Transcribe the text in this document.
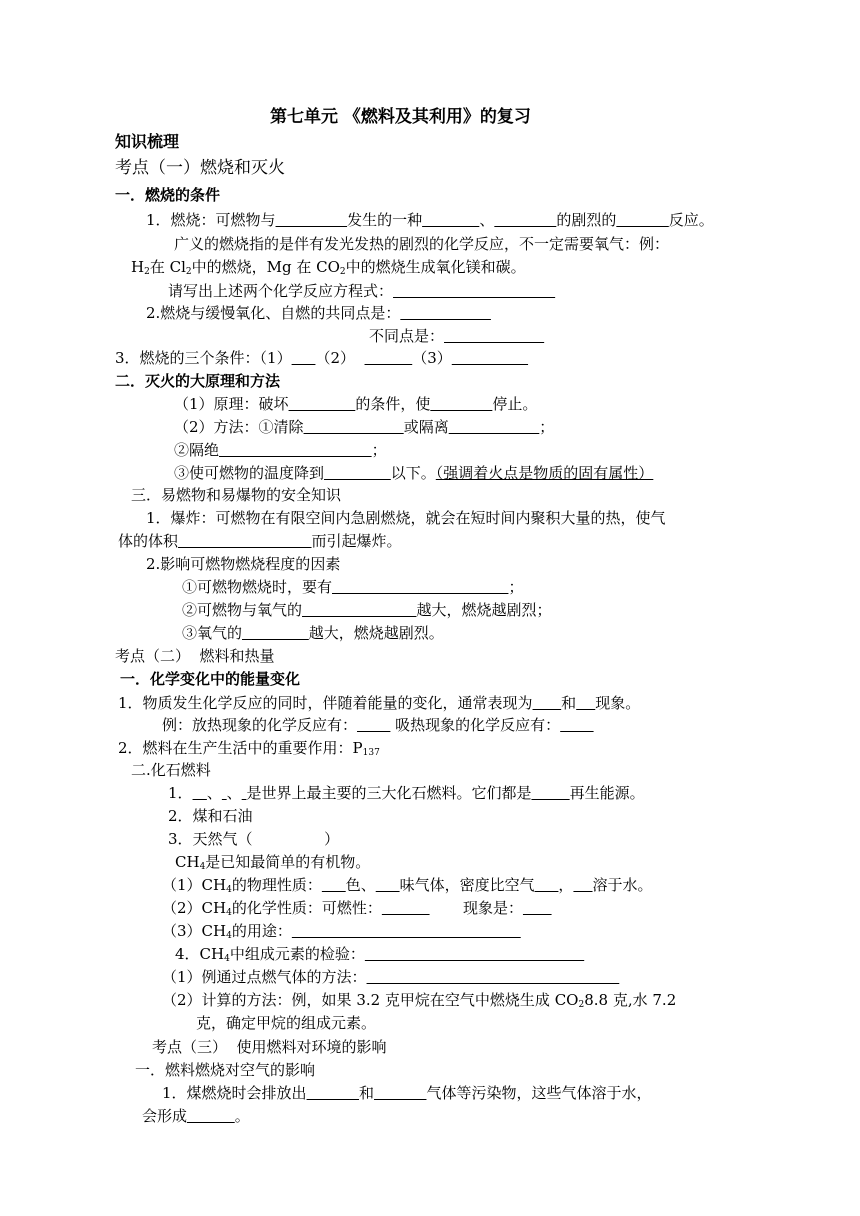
第七单元 《燃料及其利用》的复习
知识梳理
考点（一）燃烧和灭火
一．燃烧的条件
1．燃烧：可燃物与	发生的一种	、	的剧烈的	反应。
广义的燃烧指的是伴有发光发热的剧烈的化学反应，不一定需要氧气：例：
$H_2$在 $Cl_2$中的燃烧，Mg 在 $CO_2$中的燃烧生成氧化镁和碳。
请写出上述两个化学反应方程式：
2.燃烧与缓慢氧化、自燃的共同点是：
不同点是：
3．燃烧的三个条件：（1） （2）	（3）
二．灭火的大原理和方法
（1）原理：破坏	的条件，使	停止。
（2）方法：①清除	或隔离	；
②隔绝	；
③使可燃物的温度降到	以下。（强调着火点是物质的固有属性）
三．易燃物和易爆物的安全知识
1．爆炸：可燃物在有限空间内急剧燃烧，就会在短时间内聚积大量的热，使气
体的体积	而引起爆炸。
2.影响可燃物燃烧程度的因素
①可燃物燃烧时，要有	；
②可燃物与氧气的	越大，燃烧越剧烈；
③氧气的	越大，燃烧越剧烈。
考点（二）  燃料和热量
一．化学变化中的能量变化
1．物质发生化学反应的同时，伴随着能量的变化，通常表现为 和 现象。
例：放热现象的化学反应有：        吸热现象的化学反应有：
2．燃料在生产生活中的重要作用：$P_{137}$
二.化石燃料
1． 、 、 是世界上最主要的三大化石燃料。它们都是	再生能源。
2．煤和石油
3．天然气（	）
$CH_4$是已知最简单的有机物。
$(1)CH_4$的物理性质： 色、 味气体，密度比空气 ， 溶于水。
$(2)CH_4$的化学性质：可燃性：	现象是：
$(3)CH_4$的用途：
4．$CH_4$中组成元素的检验：
（1）例通过点燃气体的方法：
（2）计算的方法：例，如果 3.2 克甲烷在空气中燃烧生成 $CO_28.8$ 克,水 7.2
克，确定甲烷的组成元素。
考点（三）  使用燃料对环境的影响
一．燃料燃烧对空气的影响
1．煤燃烧时会排放出	和	气体等污染物，这些气体溶于水，
会形成	。
